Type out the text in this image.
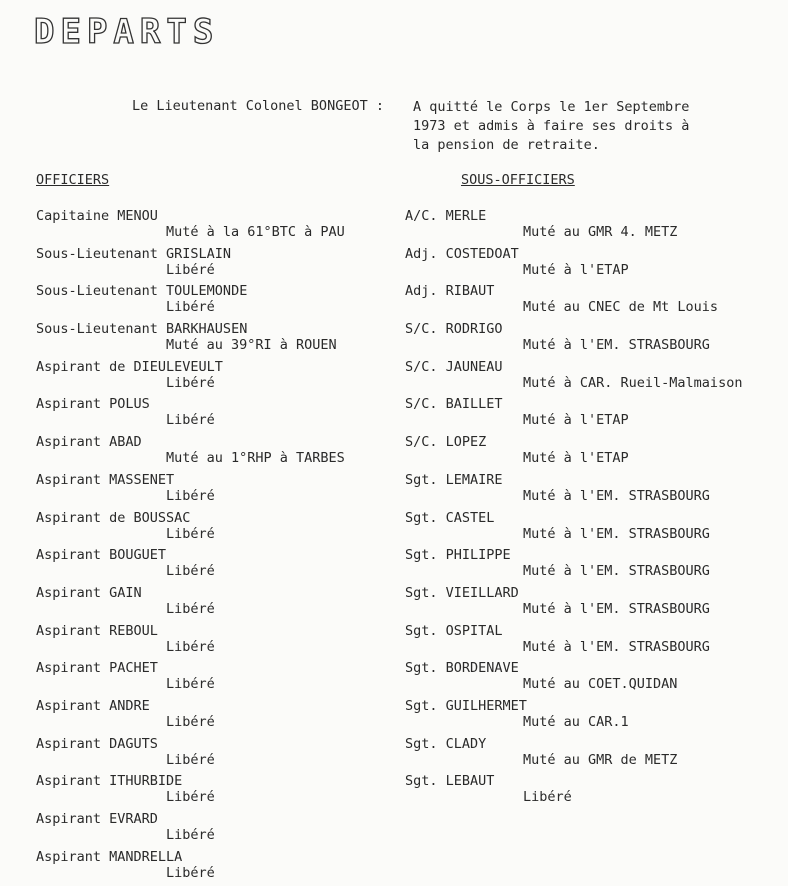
DEPARTS
Le Lieutenant Colonel BONGEOT : A quitté le Corps le 1er Septembre
1973 et admis à faire ses droits à
la pension de retraite.
OFFICIERS	SOUS-OFFICIERS
Capitaine MENOU
Muté à la 61°BTC à PAU
Sous-Lieutenant GRISLAIN
Libéré
Sous-Lieutenant TOULEMONDE
Libéré
Sous-Lieutenant BARKHAUSEN
Muté au 39°RI à ROUEN
Aspirant de DIEULEVEULT
Libéré
Aspirant POLUS
Libéré
Aspirant ABAD
Muté au 1°RHP à TARBES
Aspirant MASSENET
Libéré
Aspirant de BOUSSAC
Libéré
Aspirant BOUGUET
Libéré
Aspirant GAIN
Libéré
Aspirant REBOUL
Libéré
Aspirant PACHET
Libéré
Aspirant ANDRE
Libéré
Aspirant DAGUTS
Libéré
Aspirant ITHURBIDE
Libéré
Aspirant EVRARD
Libéré
Aspirant MANDRELLA
Libéré
A/C. MERLE
Muté au GMR 4. METZ
Adj. COSTEDOAT
Muté à l'ETAP
Adj. RIBAUT
Muté au CNEC de Mt Louis
S/C. RODRIGO
Muté à l'EM. STRASBOURG
S/C. JAUNEAU
Muté à CAR. Rueil-Malmaison
S/C. BAILLET
Muté à l'ETAP
S/C. LOPEZ
Muté à l'ETAP
Sgt. LEMAIRE
Muté à l'EM. STRASBOURG
Sgt. CASTEL
Muté à l'EM. STRASBOURG
Sgt. PHILIPPE
Muté à l'EM. STRASBOURG
Sgt. VIEILLARD
Muté à l'EM. STRASBOURG
Sgt. OSPITAL
Muté à l'EM. STRASBOURG
Sgt. BORDENAVE
Muté au COET.QUIDAN
Sgt. GUILHERMET
Muté au CAR.1
Sgt. CLADY
Muté au GMR de METZ
Sgt. LEBAUT
Libéré
